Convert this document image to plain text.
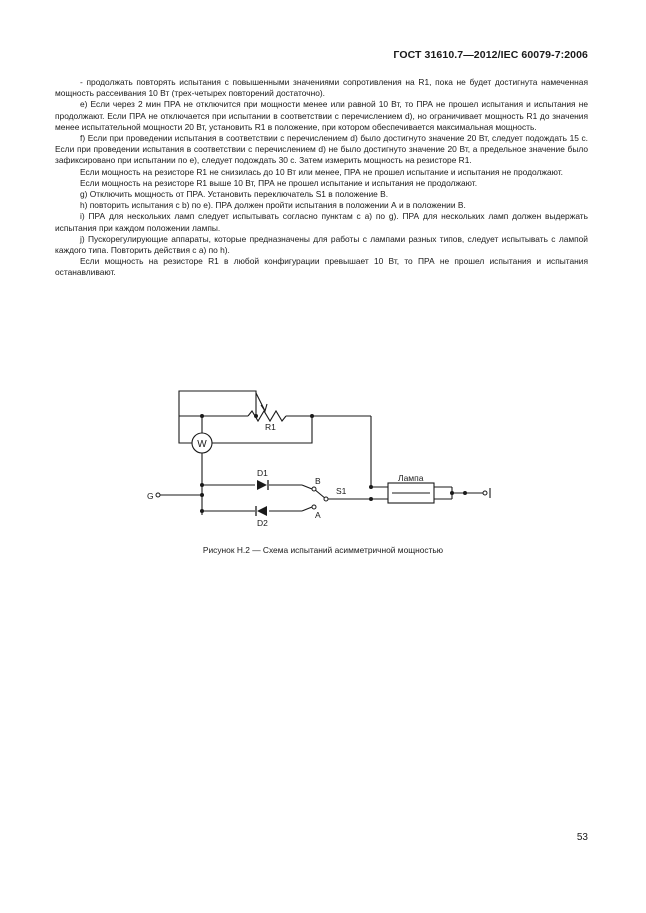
ГОСТ 31610.7—2012/IEC 60079-7:2006

- продолжать повторять испытания с повышенными значениями сопротивления на R1, пока не будет достигнута намеченная мощность рассеивания 10 Вт (трех-четырех повторений достаточно).

е) Если через 2 мин ПРА не отключится при мощности менее или равной 10 Вт, то ПРА не прошел испытания и испытания не продолжают. Если ПРА не отключается при испытании в соответствии с перечислением d), но ограничивает мощность R1 до значения менее испытательной мощности 20 Вт, установить R1 в положение, при котором обеспечивается максимальная мощность.

f) Если при проведении испытания в соответствии с перечислением d) было достигнуто значение 20 Вт, следует подождать 15 с. Если при проведении испытания в соответствии с перечислением d) не было достигнуто значение 20 Вт, а предельное значение было зафиксировано при испытании по е), следует подождать 30 с. Затем измерить мощность на резисторе R1.

Если мощность на резисторе R1 не снизилась до 10 Вт или менее, ПРА не прошел испытание и испытания не продолжают.

Если мощность на резисторе R1 выше 10 Вт, ПРА не прошел испытание и испытания не продолжают.

g) Отключить мощность от ПРА. Установить переключатель S1 в положение B.

h) повторить испытания с b) по е). ПРА должен пройти испытания в положении А и в положении B.

i) ПРА для нескольких ламп следует испытывать согласно пунктам с а) по g). ПРА для нескольких ламп должен выдержать испытания при каждом положении лампы.

j) Пускорегулирующие аппараты, которые предназначены для работы с лампами разных типов, следует испытывать с лампой каждого типа. Повторить действия с а) по h).

Если мощность на резисторе R1 в любой конфигурации превышает 10 Вт, то ПРА не прошел испытания и испытания останавливают.

W
R1
D1
D2
B
A
S1
G
Лампа
Рисунок Н.2 — Схема испытаний асимметричной мощностью
53
